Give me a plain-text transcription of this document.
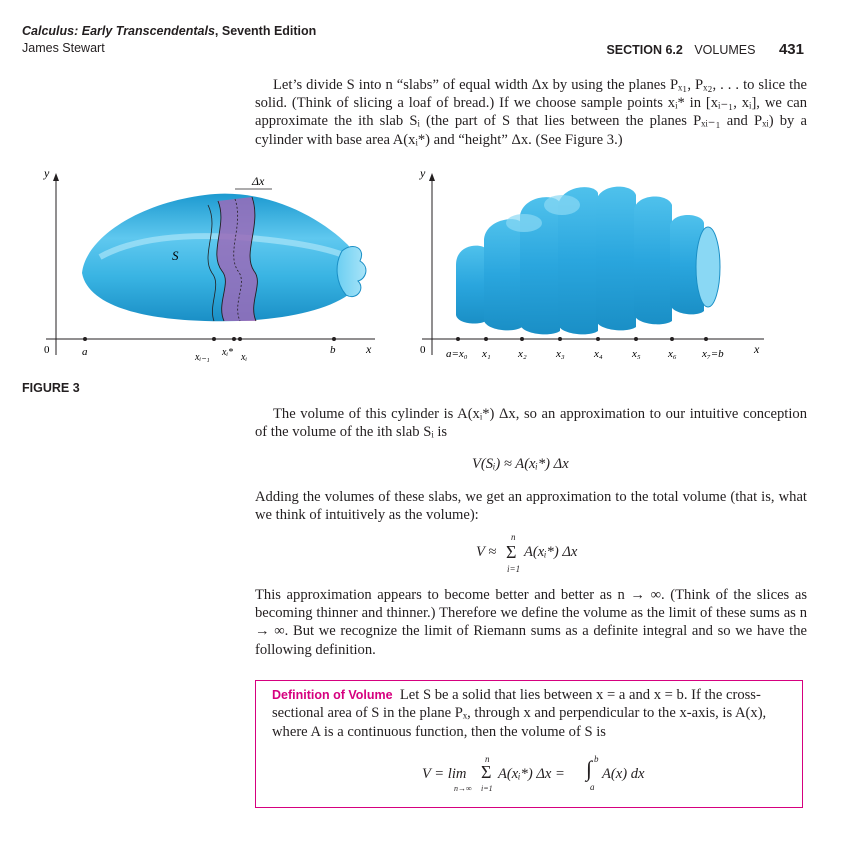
Calculus: Early Transcendentals, Seventh Edition
James Stewart	SECTION 6.2 VOLUMES 431
Let’s divide S into n “slabs” of equal width Δx by using the planes Pₓ₁, Pₓ₂, . . . to slice the solid. (Think of slicing a loaf of bread.) If we choose sample points xᵢ* in [xᵢ₋₁, xᵢ], we can approximate the ith slab Sᵢ (the part of S that lies between the planes Pₓᵢ₋₁ and Pₓᵢ) by a cylinder with base area A(xᵢ*) and “height” Δx. (See Figure 3.)
y
0	x
S
Δx
a	b
xᵢ₋₁ xᵢ* xᵢ
y
0	x
a=x₀ x₁ x₂	x₃	x₄	x₅ x₆ x₇=b
FIGURE 3
The volume of this cylinder is A(xᵢ*) Δx, so an approximation to our intuitive conception of the volume of the ith slab Sᵢ is
V(Sᵢ) ≈ A(xᵢ*) Δx
Adding the volumes of these slabs, we get an approximation to the total volume (that is, what we think of intuitively as the volume):
V ≈
n
Σ
i=1
A(xᵢ*) Δx
This approximation appears to become better and better as n → ∞. (Think of the slices as becoming thinner and thinner.) Therefore we define the volume as the limit of these sums as n → ∞. But we recognize the limit of Riemann sums as a definite integral and so we have the following definition.
Definition of Volume Let S be a solid that lies between x = a and x = b. If the cross-sectional area of S in the plane Pₓ, through x and perpendicular to the x-axis, is A(x), where A is a continuous function, then the volume of S is
V = lim
n→∞
n
Σ
i=1
A(xᵢ*) Δx = ∫ b
a
A(x) dx
